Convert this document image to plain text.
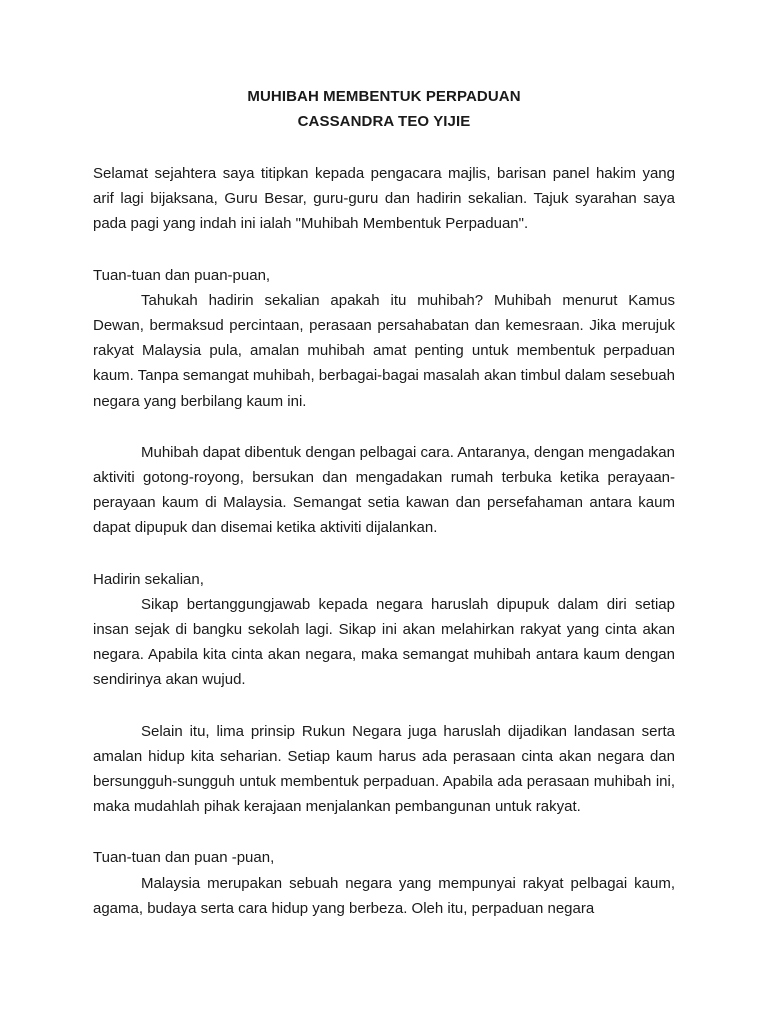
MUHIBAH MEMBENTUK PERPADUAN

CASSANDRA TEO YIJIE

Selamat sejahtera saya titipkan kepada pengacara majlis, barisan panel hakim yang arif lagi bijaksana, Guru Besar, guru-guru dan hadirin sekalian. Tajuk syarahan saya pada pagi yang indah ini ialah "Muhibah Membentuk Perpaduan".

Tuan-tuan dan puan-puan,

Tahukah hadirin sekalian apakah itu muhibah? Muhibah menurut Kamus Dewan, bermaksud percintaan, perasaan persahabatan dan kemesraan. Jika merujuk rakyat Malaysia pula, amalan muhibah amat penting untuk membentuk perpaduan kaum. Tanpa semangat muhibah, berbagai-bagai masalah akan timbul dalam sesebuah negara yang berbilang kaum ini.

Muhibah dapat dibentuk dengan pelbagai cara. Antaranya, dengan mengadakan aktiviti gotong-royong, bersukan dan mengadakan rumah terbuka ketika perayaan-perayaan kaum di Malaysia. Semangat setia kawan dan persefahaman antara kaum dapat dipupuk dan disemai ketika aktiviti dijalankan.

Hadirin sekalian,

Sikap bertanggungjawab kepada negara haruslah dipupuk dalam diri setiap insan sejak di bangku sekolah lagi. Sikap ini akan melahirkan rakyat yang cinta akan negara. Apabila kita cinta akan negara, maka semangat muhibah antara kaum dengan sendirinya akan wujud.

Selain itu, lima prinsip Rukun Negara juga haruslah dijadikan landasan serta amalan hidup kita seharian. Setiap kaum harus ada perasaan cinta akan negara dan bersungguh-sungguh untuk membentuk perpaduan. Apabila ada perasaan muhibah ini, maka mudahlah pihak kerajaan menjalankan pembangunan untuk rakyat.

Tuan-tuan dan puan -puan,

Malaysia merupakan sebuah negara yang mempunyai rakyat pelbagai kaum, agama, budaya serta cara hidup yang berbeza. Oleh itu, perpaduan negara
